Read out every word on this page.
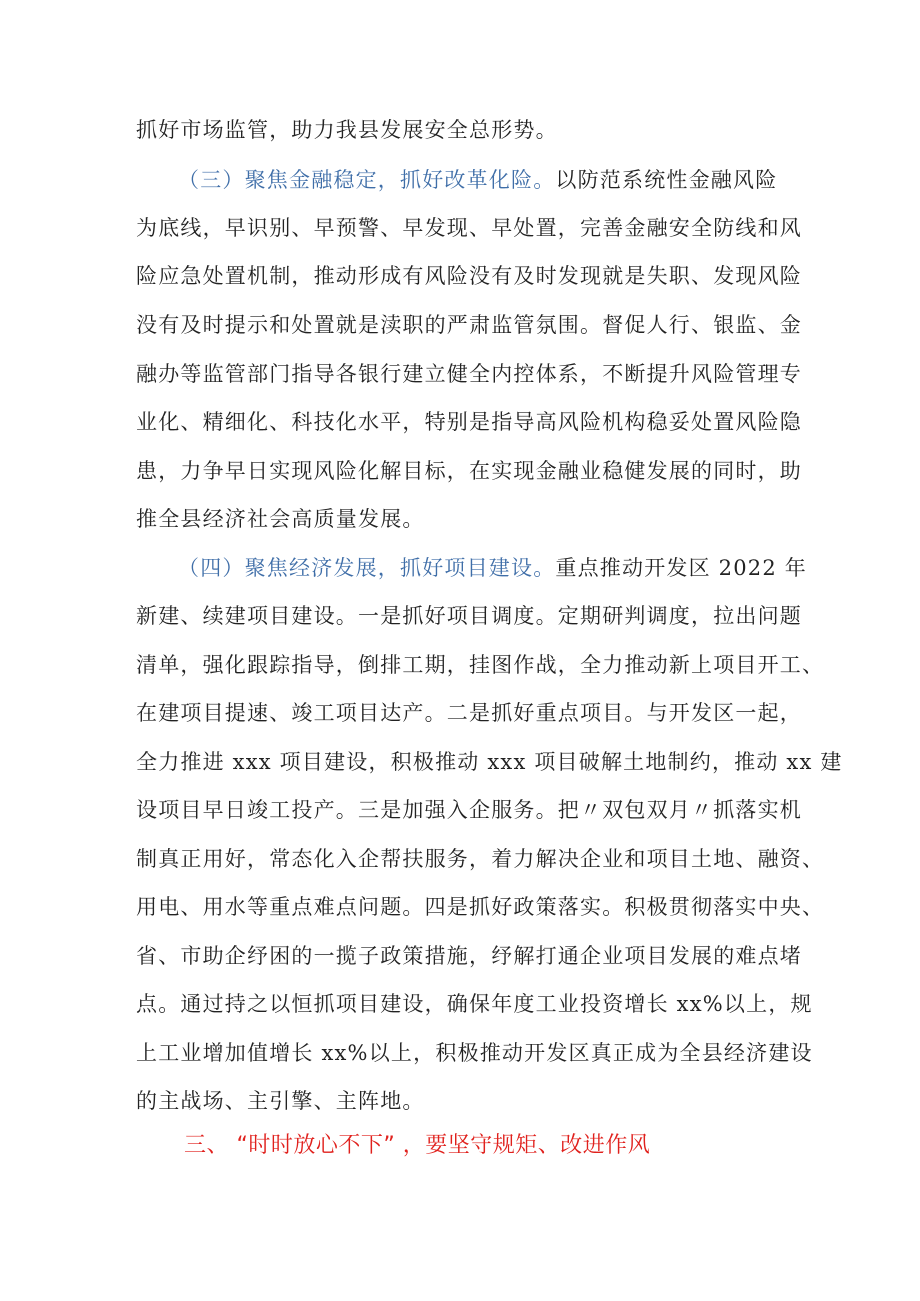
抓好市场监管，助力我县发展安全总形势。
（三）聚焦金融稳定，抓好改革化险。以防范系统性金融风险
为底线，早识别、早预警、早发现、早处置，完善金融安全防线和风
险应急处置机制，推动形成有风险没有及时发现就是失职、发现风险
没有及时提示和处置就是渎职的严肃监管氛围。督促人行、银监、金
融办等监管部门指导各银行建立健全内控体系，不断提升风险管理专
业化、精细化、科技化水平，特别是指导高风险机构稳妥处置风险隐
患，力争早日实现风险化解目标，在实现金融业稳健发展的同时，助
推全县经济社会高质量发展。
（四）聚焦经济发展，抓好项目建设。重点推动开发区 2022 年
新建、续建项目建设。一是抓好项目调度。定期研判调度，拉出问题
清单，强化跟踪指导，倒排工期，挂图作战，全力推动新上项目开工、
在建项目提速、竣工项目达产。二是抓好重点项目。与开发区一起，
全力推进 xxx 项目建设，积极推动 xxx 项目破解土地制约，推动 xx 建
设项目早日竣工投产。三是加强入企服务。把〃双包双月〃抓落实机
制真正用好，常态化入企帮扶服务，着力解决企业和项目土地、融资、
用电、用水等重点难点问题。四是抓好政策落实。积极贯彻落实中央、
省、市助企纾困的一揽子政策措施，纾解打通企业项目发展的难点堵
点。通过持之以恒抓项目建设，确保年度工业投资增长 xx%以上，规
上工业增加值增长 xx%以上，积极推动开发区真正成为全县经济建设
的主战场、主引擎、主阵地。
三、 “时时放心不下” ，要坚守规矩、改进作风
